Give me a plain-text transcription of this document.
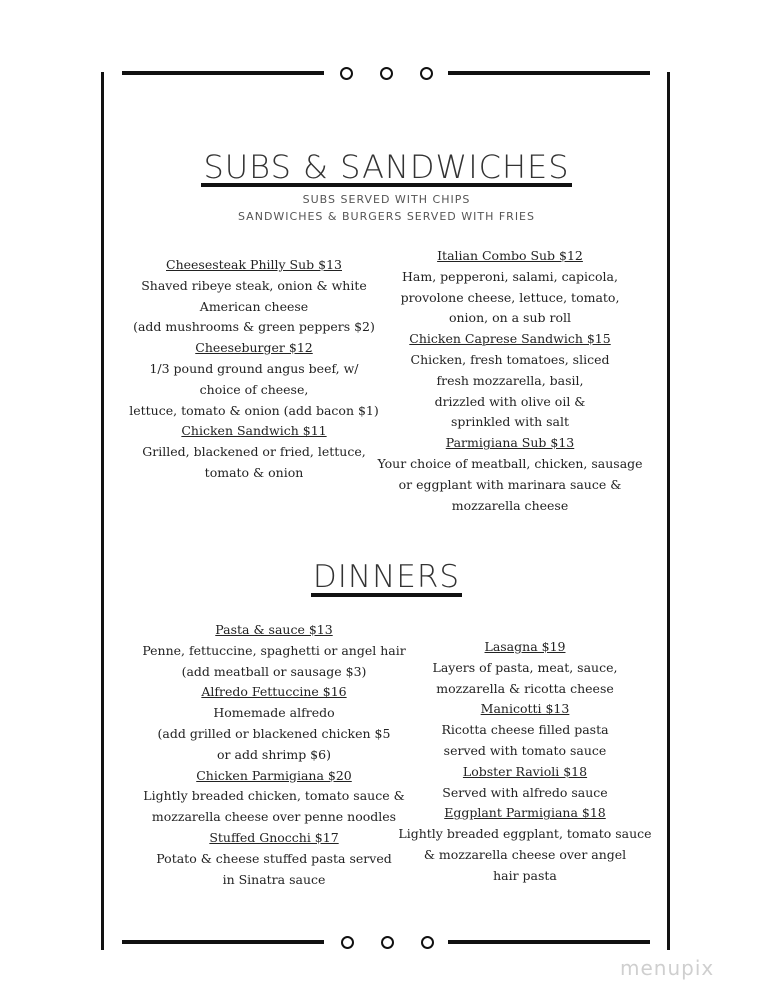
SUBS & SANDWICHES
SUBS SERVED WITH CHIPS
SANDWICHES & BURGERS SERVED WITH FRIES
Cheesesteak Philly Sub $13
Shaved ribeye steak, onion & white
American cheese
(add mushrooms & green peppers $2)
Cheeseburger $12
1/3 pound ground angus beef, w/
choice of cheese,
lettuce, tomato & onion (add bacon $1)
Chicken Sandwich $11
Grilled, blackened or fried, lettuce,
tomato & onion
Italian Combo Sub $12
Ham, pepperoni, salami, capicola,
provolone cheese, lettuce, tomato,
onion, on a sub roll
Chicken Caprese Sandwich $15
Chicken, fresh tomatoes, sliced
fresh mozzarella, basil,
drizzled with olive oil &
sprinkled with salt
Parmigiana Sub $13
Your choice of meatball, chicken, sausage
or eggplant with marinara sauce &
mozzarella cheese
DINNERS
Pasta & sauce $13
Penne, fettuccine, spaghetti or angel hair
(add meatball or sausage $3)
Alfredo Fettuccine $16
Homemade alfredo
(add grilled or blackened chicken $5
or add shrimp $6)
Chicken Parmigiana $20
Lightly breaded chicken, tomato sauce &
mozzarella cheese over penne noodles
Stuffed Gnocchi $17
Potato & cheese stuffed pasta served
in Sinatra sauce
Lasagna $19
Layers of pasta, meat, sauce,
mozzarella & ricotta cheese
Manicotti $13
Ricotta cheese filled pasta
served with tomato sauce
Lobster Ravioli $18
Served with alfredo sauce
Eggplant Parmigiana $18
Lightly breaded eggplant, tomato sauce
& mozzarella cheese over angel
hair pasta
menupix
